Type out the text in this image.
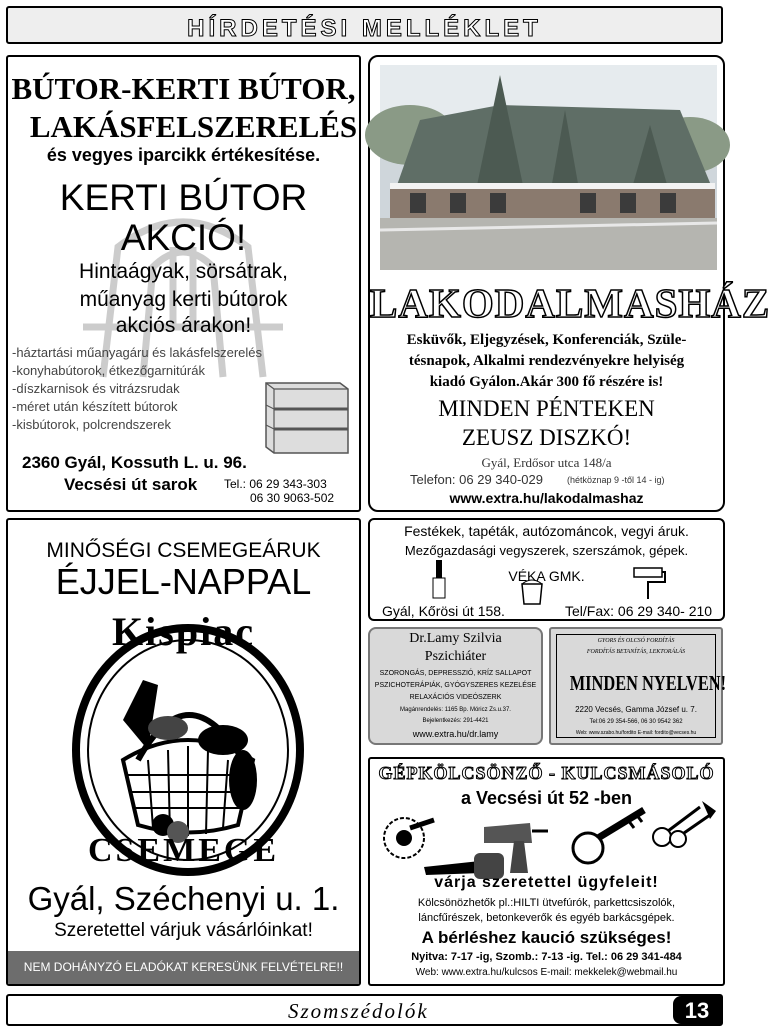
HÍRDETÉSI MELLÉKLET
BÚTOR-KERTI BÚTOR,
LAKÁSFELSZERELÉS
és vegyes iparcikk értékesítése.
KERTI BÚTOR
AKCIÓ!
Hintaágyak, sörsátrak,
műanyag kerti bútorok
akciós árakon!
-háztartási műanyagáru és lakásfelszerelés
-konyhabútorok, étkezőgarnitúrák
-díszkarnisok és vitrázsrudak
-méret után készített bútorok
-kisbútorok, polcrendszerek
2360 Gyál, Kossuth L. u. 96.
Vecsési út sarok Tel.: 06 29 343-303
06 30 9063-502
LAKODALMASHÁZ
Esküvők, Eljegyzések, Konferenciák, Szüle-
tésnapok, Alkalmi rendezvényekre helyiség
kiadó Gyálon.Akár 300 fő részére is!
MINDEN PÉNTEKEN
ZEUSZ DISZKÓ!
Gyál, Erdősor utca 148/a
Telefon: 06 29 340-029	(hétköznap 9 -től 14 - ig)
www.extra.hu/lakodalmashaz
MINŐSÉGI CSEMEGEÁRUK
ÉJJEL-NAPPAL
Kispiac
CSEMEGE
Gyál, Széchenyi u. 1.
Szeretettel várjuk vásárlóinkat!
NEM DOHÁNYZÓ ELADÓKAT KERESÜNK FELVÉTELRE!!
Festékek, tapéták, autózománcok, vegyi áruk.
Mezőgazdasági vegyszerek, szerszámok, gépek.
VÉKA GMK.
Gyál, Kőrösi út 158.	Tel/Fax: 06 29 340- 210
Dr.Lamy Szilvia
Pszichiáter
SZORONGÁS, DEPRESSZIÓ, KRÍZ SALLAPOT
PSZICHOTERÁPIÁK, GYÓGYSZERES KEZELÉSE
RELAXÁCIÓS VIDEÓSZERK
Magánrendelés: 1165 Bp. Móricz Zs.u.37.
Bejelentkezés: 291-4421
www.extra.hu/dr.lamy
GYORS ÉS OLCSÓ FORDÍTÁS
FORDÍTÁS BETANÍTÁS, LEKTORÁLÁS
MINDEN NYELVEN!
2220 Vecsés, Gamma József u. 7.
Tel:06 29 354-566, 06 30 9542 362
Web: www.szabo.hu/fordito E-mail: fordito@vecses.hu
GÉPKÖLCSÖNZŐ - KULCSMÁSOLÓ
a Vecsési út 52 -ben
várja szeretettel ügyfeleit!
Kölcsönözhetők pl.:HILTI ütvefúrók, parkettcsiszolók,
láncfűrészek, betonkeverők és egyéb barkácsgépek.
A bérléshez kaució szükséges!
Nyitva: 7-17 -ig, Szomb.: 7-13 -ig. Tel.: 06 29 341-484
Web: www.extra.hu/kulcsos E-mail: mekkelek@webmail.hu
Szomszédolók	13
